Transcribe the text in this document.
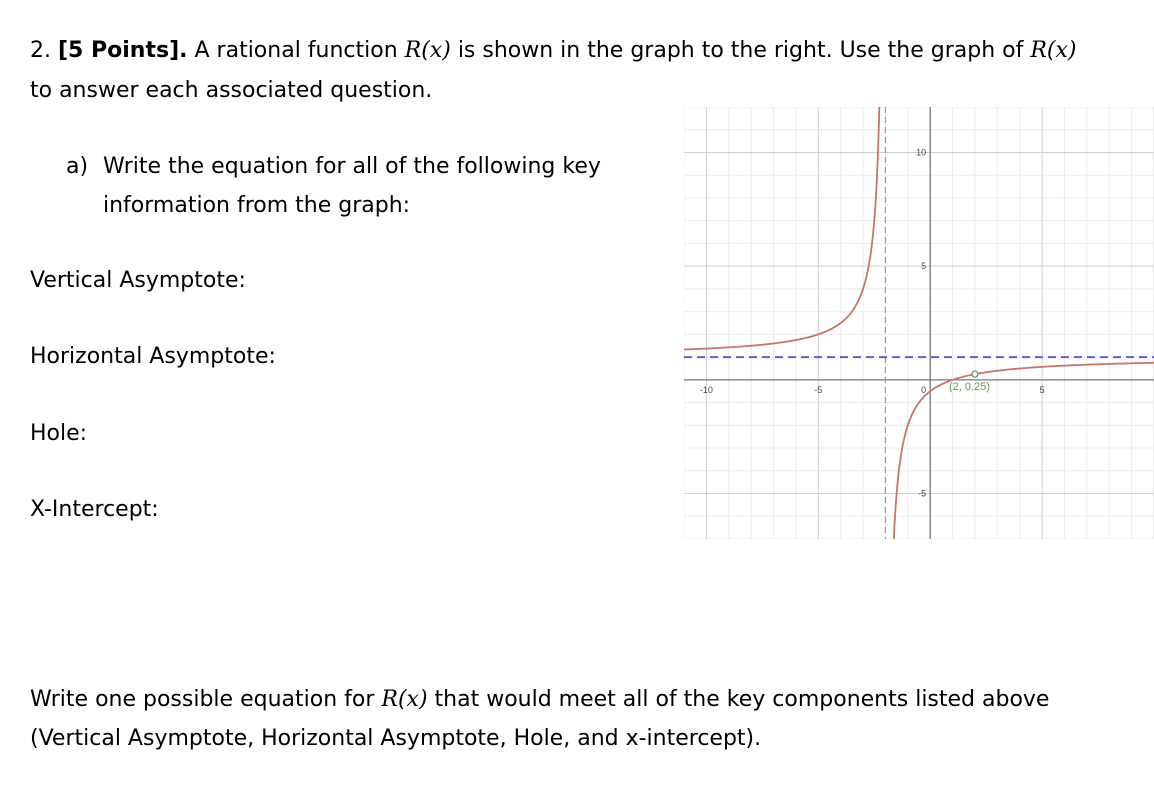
2. [5 Points]. A rational function R(x) is shown in the graph to the right. Use the graph of R(x)
to answer each associated question.
a) Write the equation for all of the following key
information from the graph:
Vertical Asymptote:
Horizontal Asymptote:
Hole:
X-Intercept:
Write one possible equation for R(x) that would meet all of the key components listed above
(Vertical Asymptote, Horizontal Asymptote, Hole, and x-intercept).
-10	-5	0	5
10
5
-5
(2, 0.25)
